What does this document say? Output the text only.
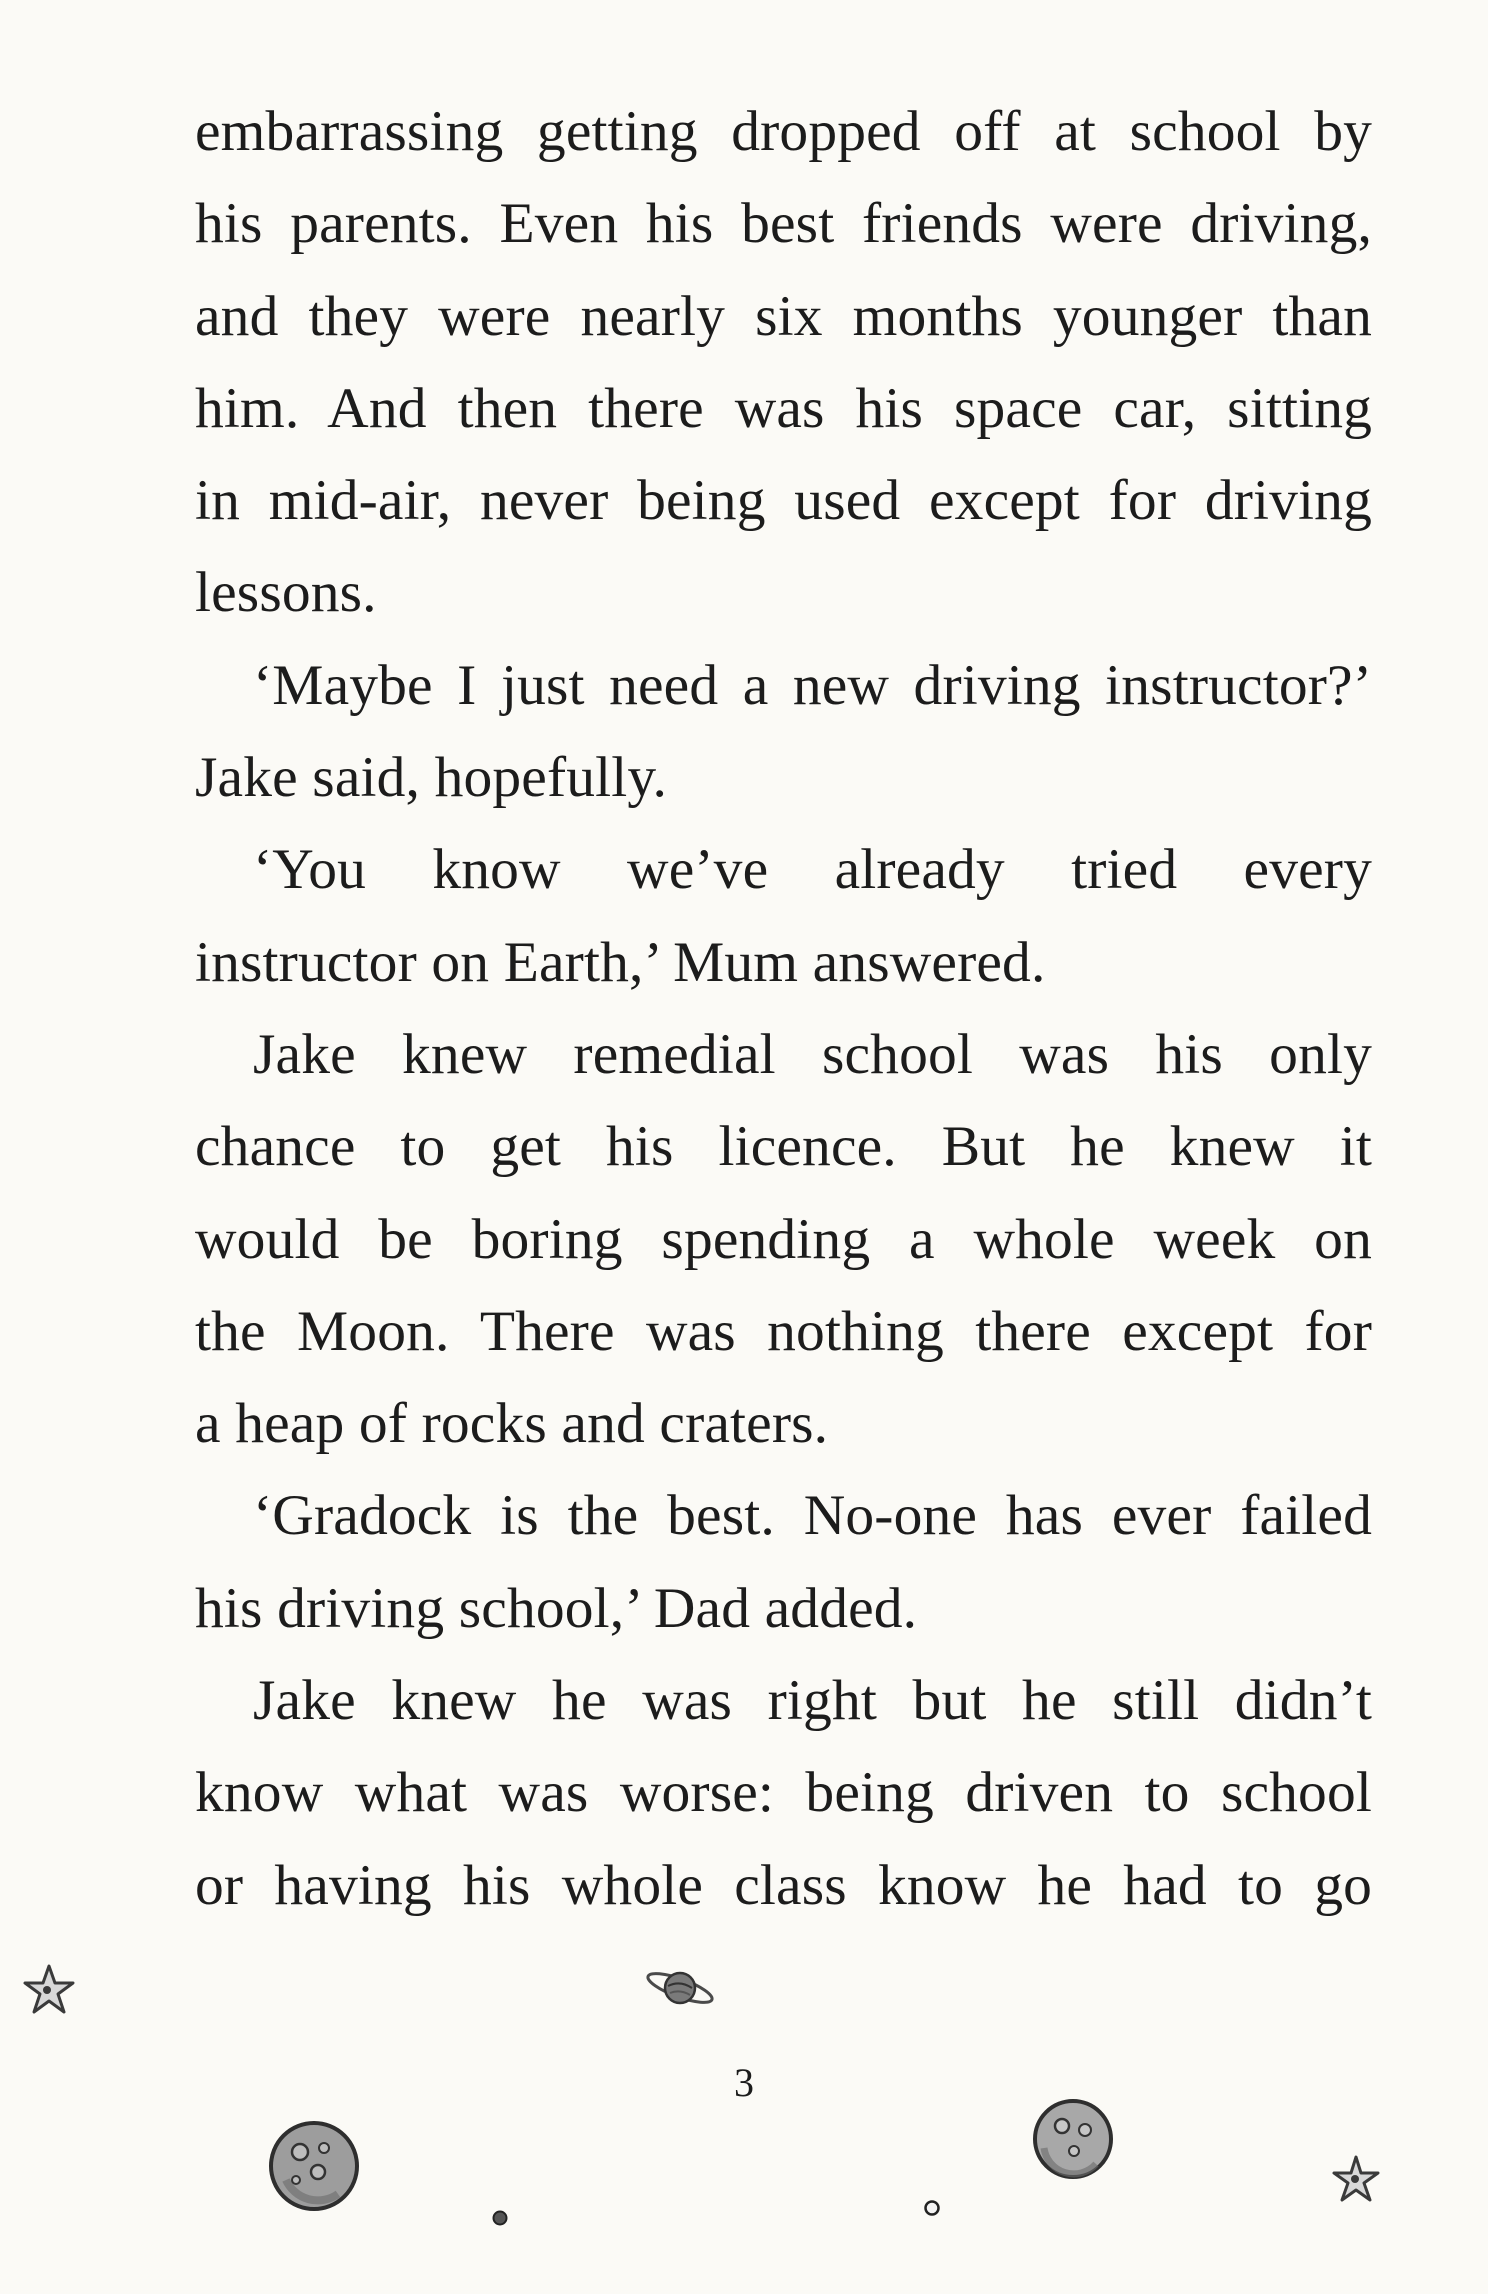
embarrassing getting dropped off at school by
his parents. Even his best friends were driving,
and they were nearly six months younger than
him. And then there was his space car, sitting
in mid-air, never being used except for driving
lessons.
‘Maybe I just need a new driving instructor?’
Jake said, hopefully.
‘You know we’ve already tried every
instructor on Earth,’ Mum answered.
Jake knew remedial school was his only
chance to get his licence. But he knew it
would be boring spending a whole week on
the Moon. There was nothing there except for
a heap of rocks and craters.
‘Gradock is the best. No-one has ever failed
his driving school,’ Dad added.
Jake knew he was right but he still didn’t
know what was worse: being driven to school
or having his whole class know he had to go
3
